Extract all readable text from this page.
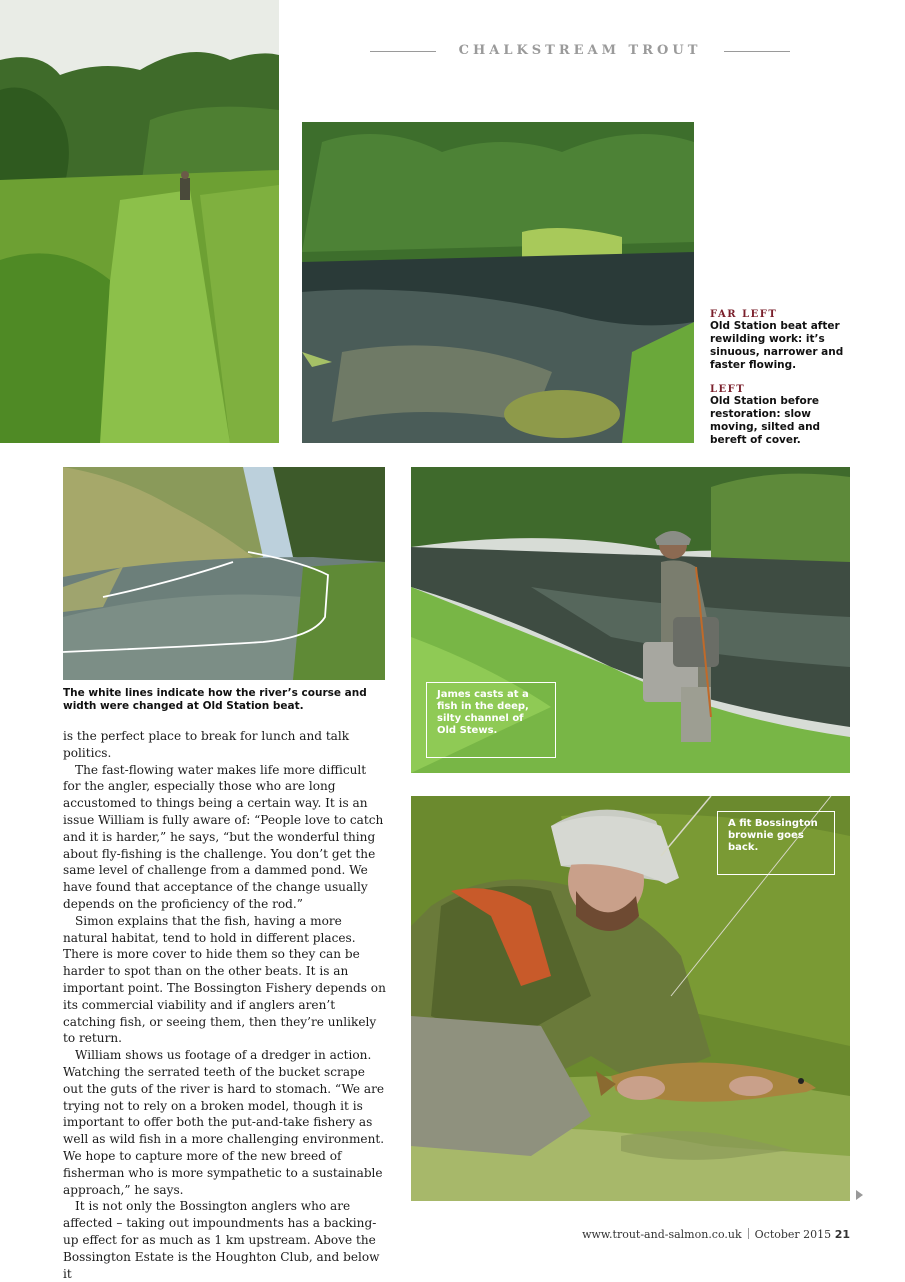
CHALKSTREAM TROUT
FAR LEFT
Old Station beat after rewilding work: it’s sinuous, narrower and faster flowing.
LEFT
Old Station before restoration: slow moving, silted and bereft of cover.
The white lines indicate how the river’s course and width were changed at Old Station beat.
James casts at a fish in the deep, silty channel of Old Stews.
A fit Bossington brownie goes back.

is the perfect place to break for lunch and talk politics.

The fast-flowing water makes life more difficult for the angler, especially those who are long accustomed to things being a certain way. It is an issue William is fully aware of: “People love to catch and it is harder,” he says, “but the wonderful thing about fly-fishing is the challenge. You don’t get the same level of challenge from a dammed pond. We have found that acceptance of the change usually depends on the proficiency of the rod.”

Simon explains that the fish, having a more natural habitat, tend to hold in different places. There is more cover to hide them so they can be harder to spot than on the other beats. It is an important point. The Bossington Fishery depends on its commercial viability and if anglers aren’t catching fish, or seeing them, then they’re unlikely to return.

William shows us footage of a dredger in action. Watching the serrated teeth of the bucket scrape out the guts of the river is hard to stomach. “We are trying not to rely on a broken model, though it is important to offer both the put-and-take fishery as well as wild fish in a more challenging environment. We hope to capture more of the new breed of fisherman who is more sympathetic to a sustainable approach,” he says.

It is not only the Bossington anglers who are affected – taking out impoundments has a backing-up effect for as much as 1 km upstream. Above the Bossington Estate is the Houghton Club, and below it

www.trout-and-salmon.co.uk October 2015 21
